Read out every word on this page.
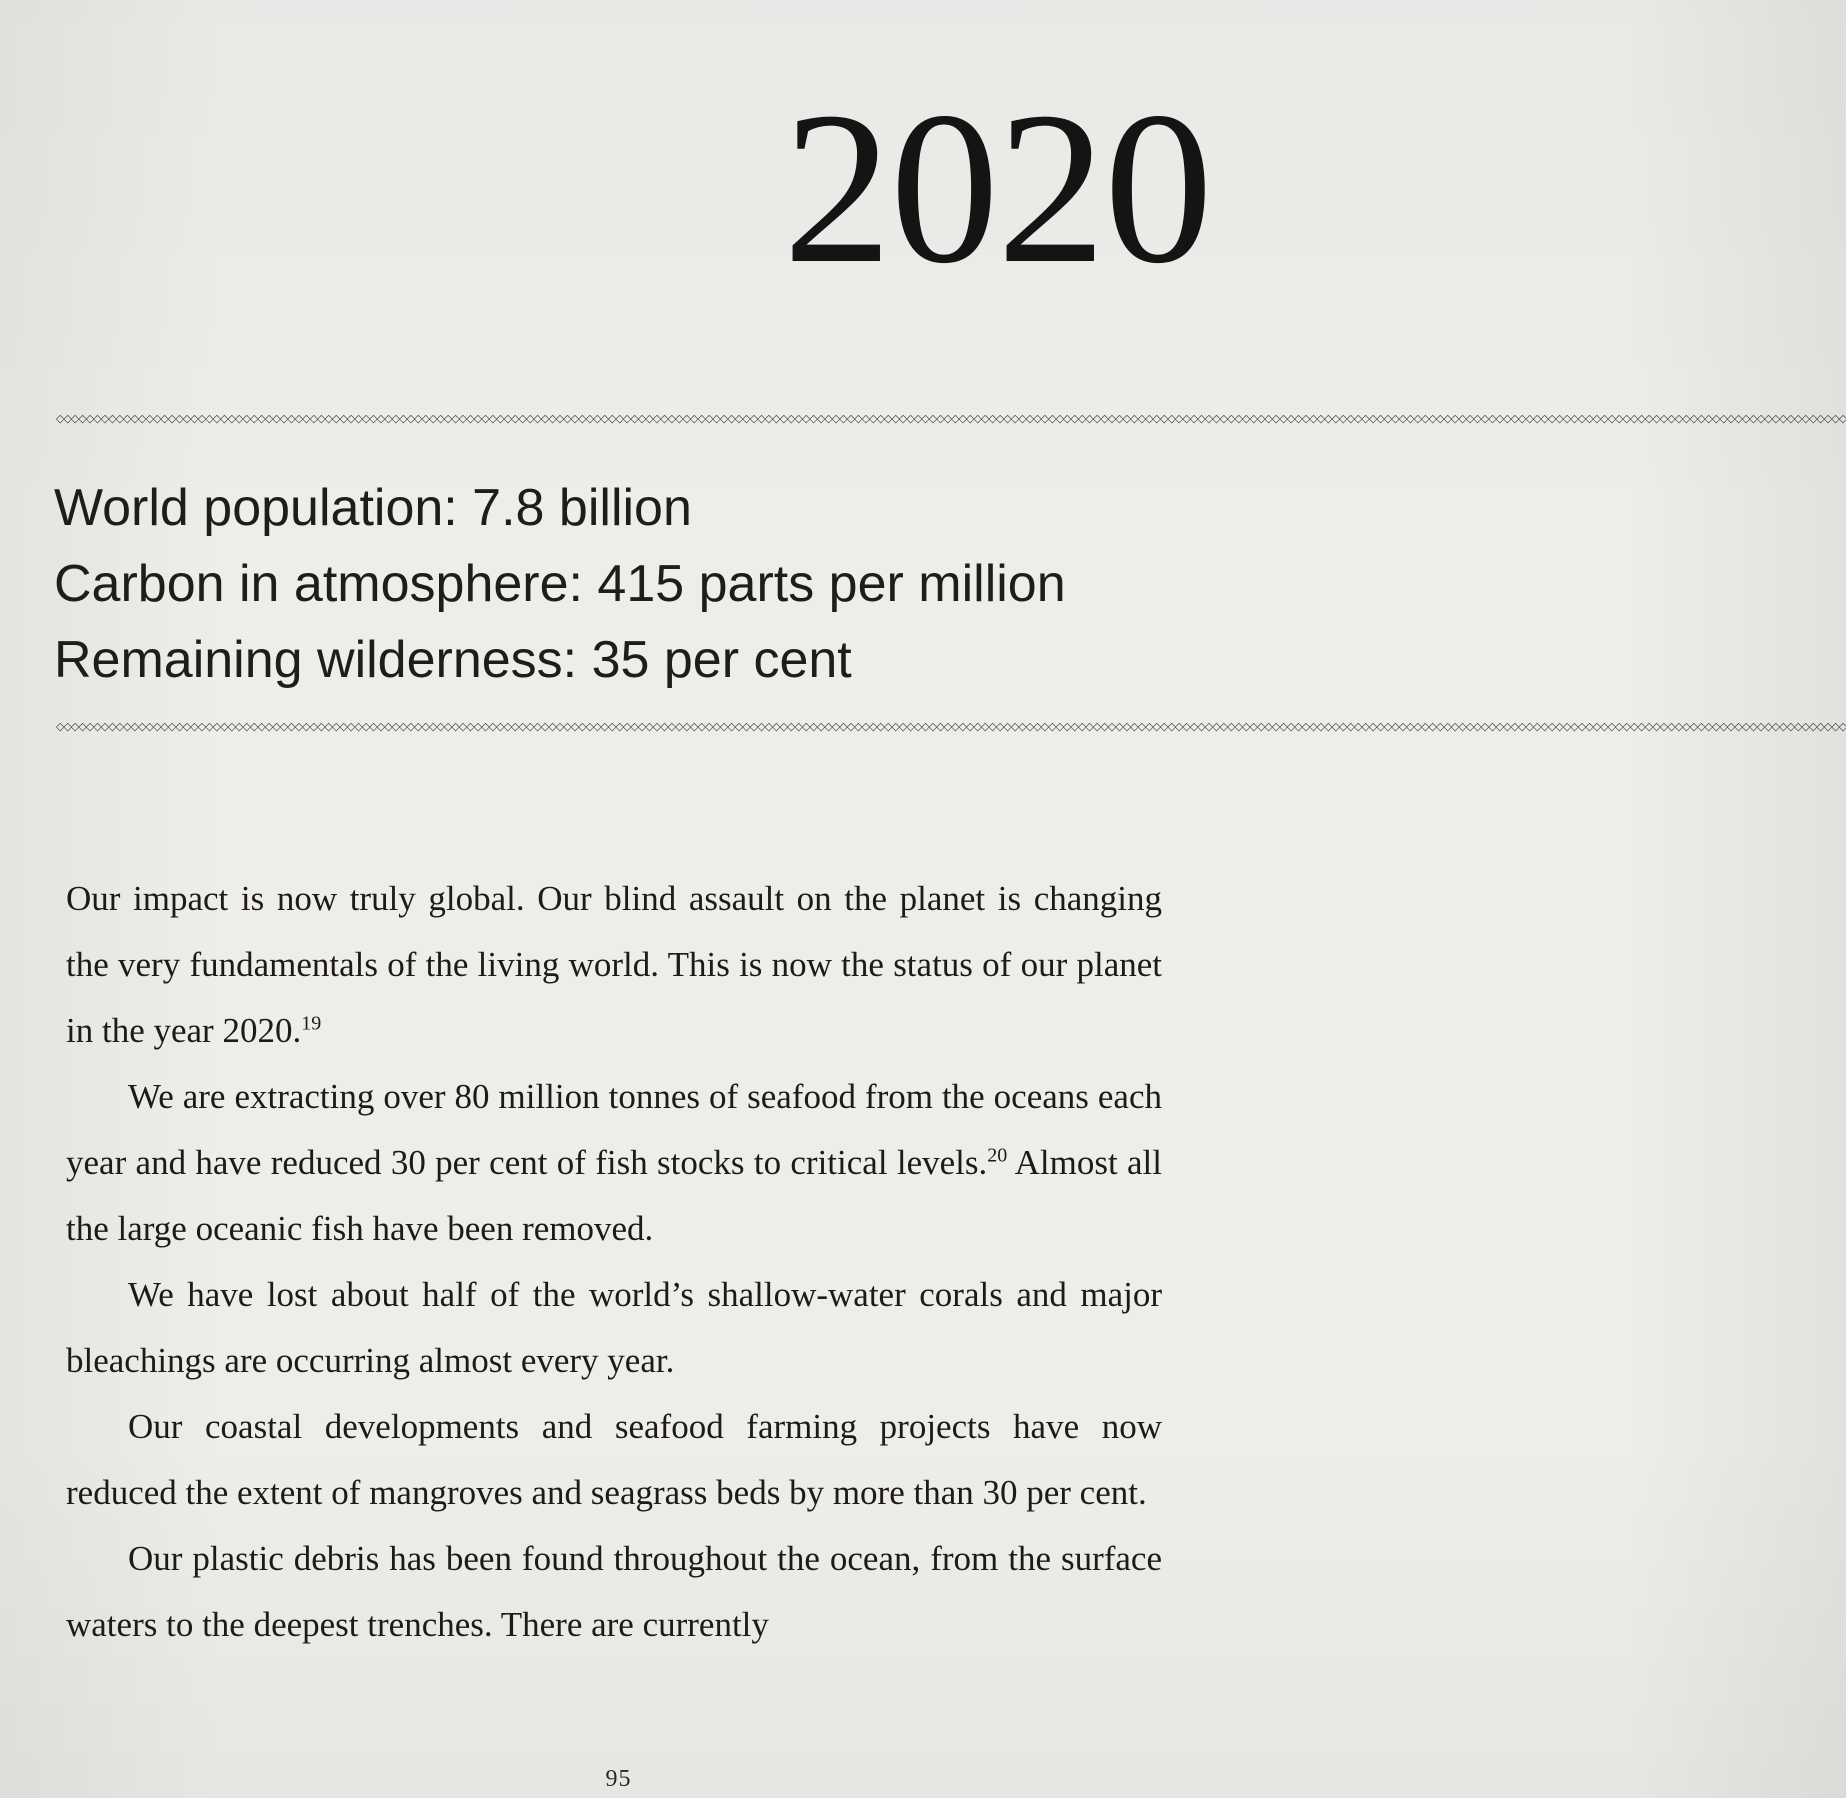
2020
◇◇◇◇◇◇◇◇◇◇◇◇◇◇◇◇◇◇◇◇◇◇◇◇◇◇◇◇◇◇◇◇◇◇◇◇◇◇◇◇◇◇◇◇◇◇◇◇◇◇◇◇◇◇◇◇◇◇◇◇◇◇◇◇◇◇◇◇◇◇◇◇◇◇◇◇◇◇◇◇◇◇◇◇◇◇◇◇◇◇◇◇◇◇◇◇◇◇◇◇◇◇◇◇◇◇◇◇◇◇◇◇◇◇◇◇◇◇◇◇◇◇◇◇◇◇◇◇◇◇◇◇◇◇◇◇◇◇◇◇◇◇◇◇◇◇◇◇◇◇◇◇◇◇◇◇◇◇◇◇◇◇◇◇◇◇◇◇◇◇◇◇◇◇◇◇◇◇◇◇◇◇◇◇◇◇◇◇◇◇◇◇◇◇◇◇◇◇◇◇◇◇◇◇◇◇◇◇◇◇◇◇◇◇◇◇◇◇◇◇◇◇◇◇◇◇◇◇◇◇◇◇◇◇◇◇◇◇◇◇
World population: 7.8 billion
Carbon in atmosphere: 415 parts per million
Remaining wilderness: 35 per cent
◇◇◇◇◇◇◇◇◇◇◇◇◇◇◇◇◇◇◇◇◇◇◇◇◇◇◇◇◇◇◇◇◇◇◇◇◇◇◇◇◇◇◇◇◇◇◇◇◇◇◇◇◇◇◇◇◇◇◇◇◇◇◇◇◇◇◇◇◇◇◇◇◇◇◇◇◇◇◇◇◇◇◇◇◇◇◇◇◇◇◇◇◇◇◇◇◇◇◇◇◇◇◇◇◇◇◇◇◇◇◇◇◇◇◇◇◇◇◇◇◇◇◇◇◇◇◇◇◇◇◇◇◇◇◇◇◇◇◇◇◇◇◇◇◇◇◇◇◇◇◇◇◇◇◇◇◇◇◇◇◇◇◇◇◇◇◇◇◇◇◇◇◇◇◇◇◇◇◇◇◇◇◇◇◇◇◇◇◇◇◇◇◇◇◇◇◇◇◇◇◇◇◇◇◇◇◇◇◇◇◇◇◇◇◇◇◇◇◇◇◇◇◇◇◇◇◇◇◇◇◇◇◇◇◇◇◇◇◇◇

Our impact is now truly global. Our blind assault on the planet is changing the very fundamentals of the living world. This is now the status of our planet in the year 2020.19

We are extracting over 80 million tonnes of seafood from the oceans each year and have reduced 30 per cent of fish stocks to critical levels.$^{20}$ Almost all the large oceanic fish have been removed.

We have lost about half of the world’s shallow-water corals and major bleachings are occurring almost every year.

Our coastal developments and seafood farming projects have now reduced the extent of mangroves and seagrass beds by more than 30 per cent.

Our plastic debris has been found throughout the ocean, from the surface waters to the deepest trenches. There are currently

95
